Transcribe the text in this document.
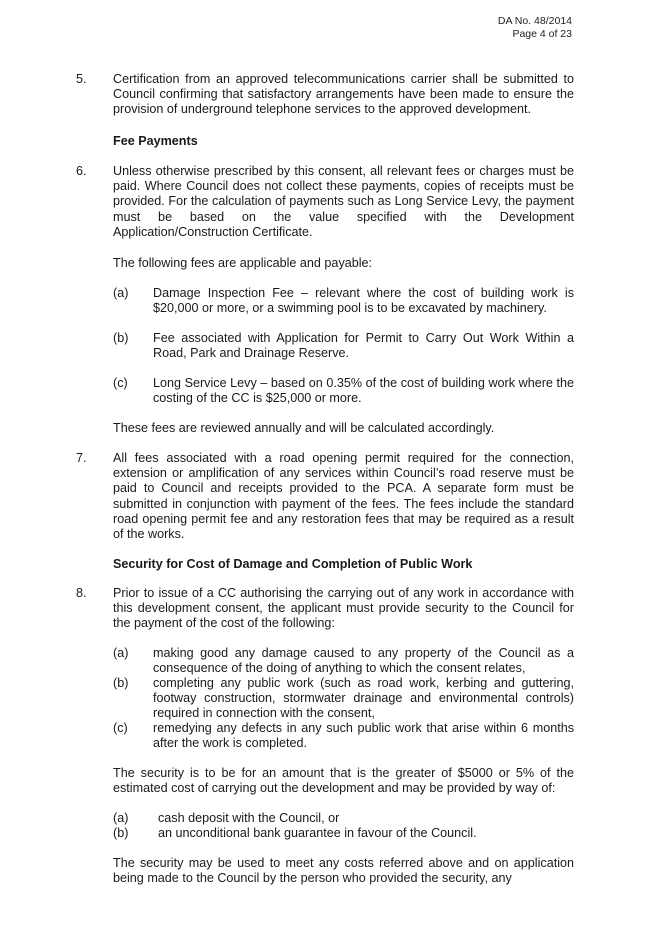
DA No. 48/2014
Page 4 of 23
5. Certification from an approved telecommunications carrier shall be submitted to Council confirming that satisfactory arrangements have been made to ensure the provision of underground telephone services to the approved development.
Fee Payments
6. Unless otherwise prescribed by this consent, all relevant fees or charges must be paid. Where Council does not collect these payments, copies of receipts must be provided. For the calculation of payments such as Long Service Levy, the payment must be based on the value specified with the Development Application/Construction Certificate.
The following fees are applicable and payable:
(a) Damage Inspection Fee – relevant where the cost of building work is $20,000 or more, or a swimming pool is to be excavated by machinery.
(b) Fee associated with Application for Permit to Carry Out Work Within a Road, Park and Drainage Reserve.
(c) Long Service Levy – based on 0.35% of the cost of building work where the costing of the CC is $25,000 or more.
These fees are reviewed annually and will be calculated accordingly.
7. All fees associated with a road opening permit required for the connection, extension or amplification of any services within Council’s road reserve must be paid to Council and receipts provided to the PCA. A separate form must be submitted in conjunction with payment of the fees. The fees include the standard road opening permit fee and any restoration fees that may be required as a result of the works.
Security for Cost of Damage and Completion of Public Work
8. Prior to issue of a CC authorising the carrying out of any work in accordance with this development consent, the applicant must provide security to the Council for the payment of the cost of the following:
(a) making good any damage caused to any property of the Council as a consequence of the doing of anything to which the consent relates,
(b) completing any public work (such as road work, kerbing and guttering, footway construction, stormwater drainage and environmental controls) required in connection with the consent,
(c) remedying any defects in any such public work that arise within 6 months after the work is completed.
The security is to be for an amount that is the greater of $5000 or 5% of the estimated cost of carrying out the development and may be provided by way of:
(a) cash deposit with the Council, or
(b) an unconditional bank guarantee in favour of the Council.
The security may be used to meet any costs referred above and on application being made to the Council by the person who provided the security, any
